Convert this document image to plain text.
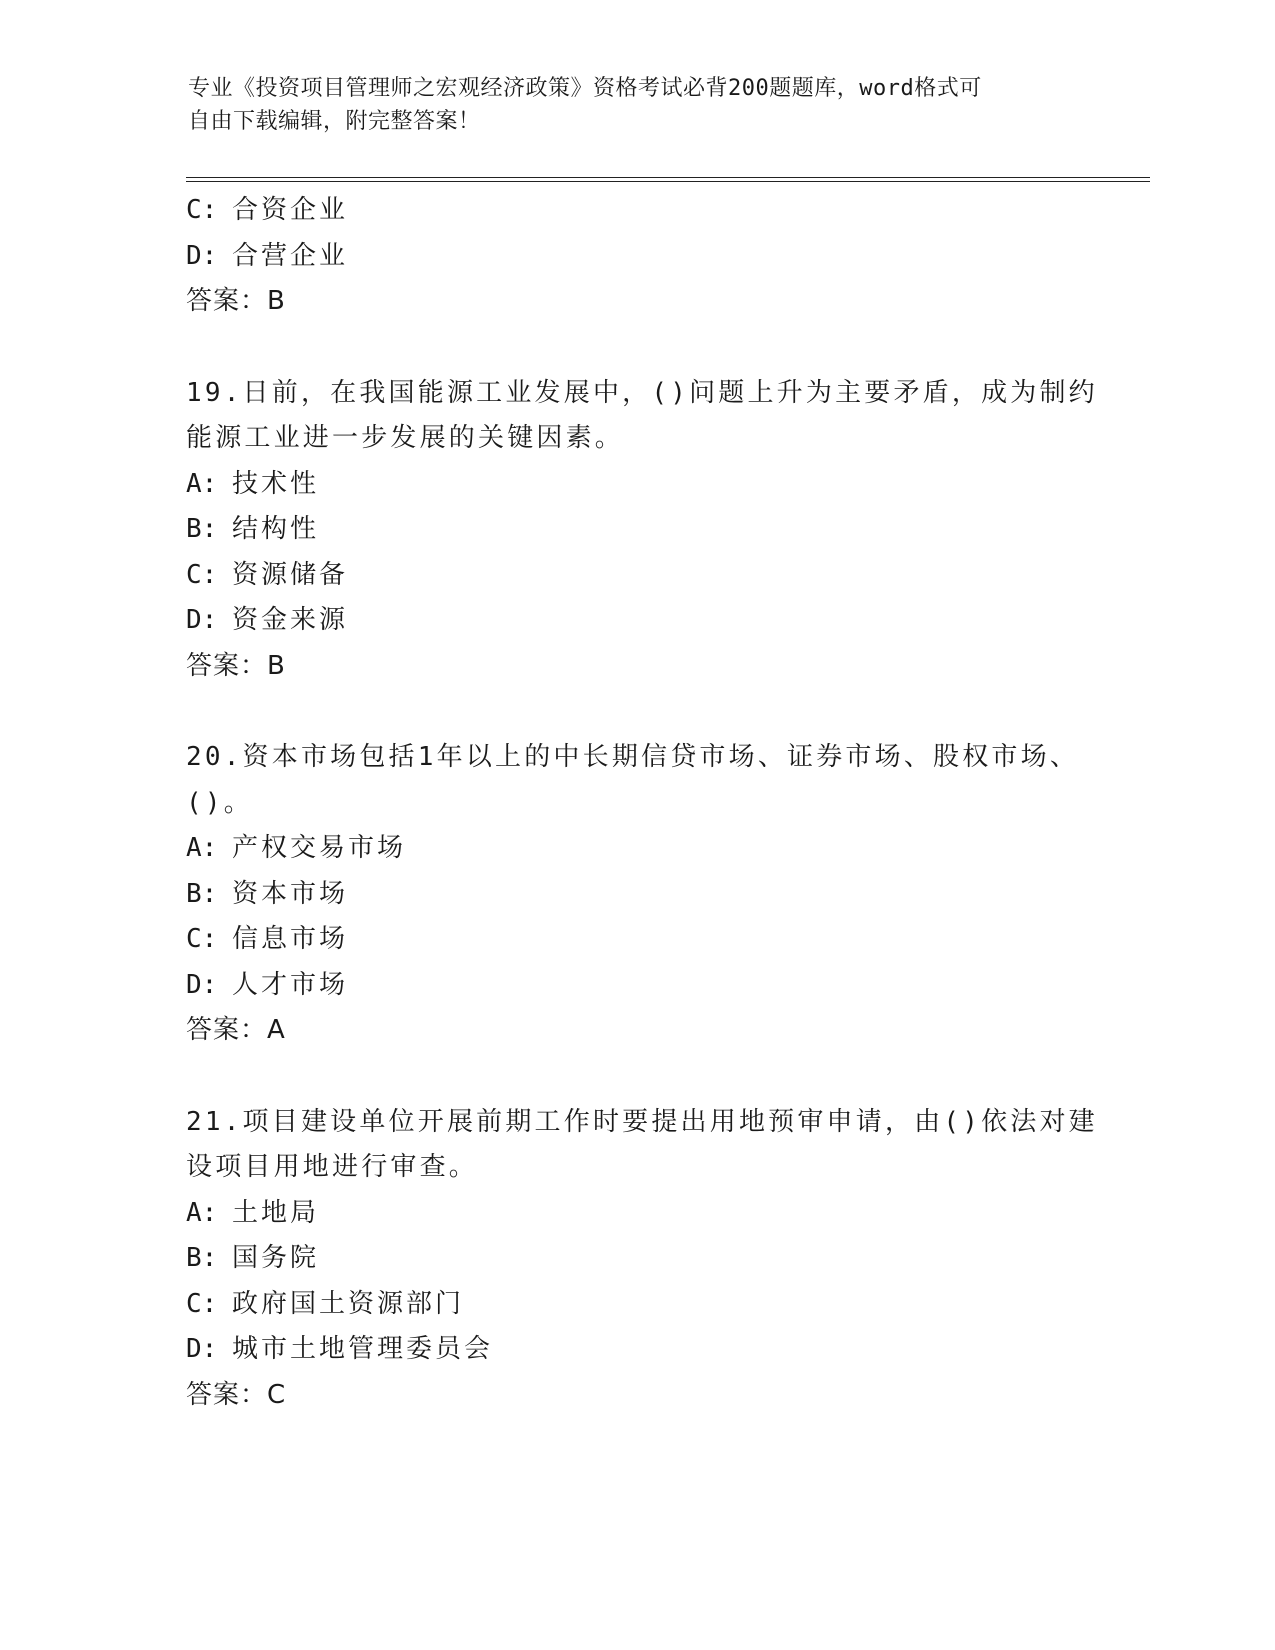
专业《投资项目管理师之宏观经济政策》资格考试必背200题题库，word格式可
自由下载编辑，附完整答案！
C: 合资企业
D: 合营企业
答案：B
19.日前，在我国能源工业发展中，()问题上升为主要矛盾，成为制约
能源工业进一步发展的关键因素。
A: 技术性
B: 结构性
C: 资源储备
D: 资金来源
答案：B
20.资本市场包括1年以上的中长期信贷市场、证券市场、股权市场、
()。
A: 产权交易市场
B: 资本市场
C: 信息市场
D: 人才市场
答案：A
21.项目建设单位开展前期工作时要提出用地预审申请，由()依法对建
设项目用地进行审查。
A: 土地局
B: 国务院
C: 政府国土资源部门
D: 城市土地管理委员会
答案：C
